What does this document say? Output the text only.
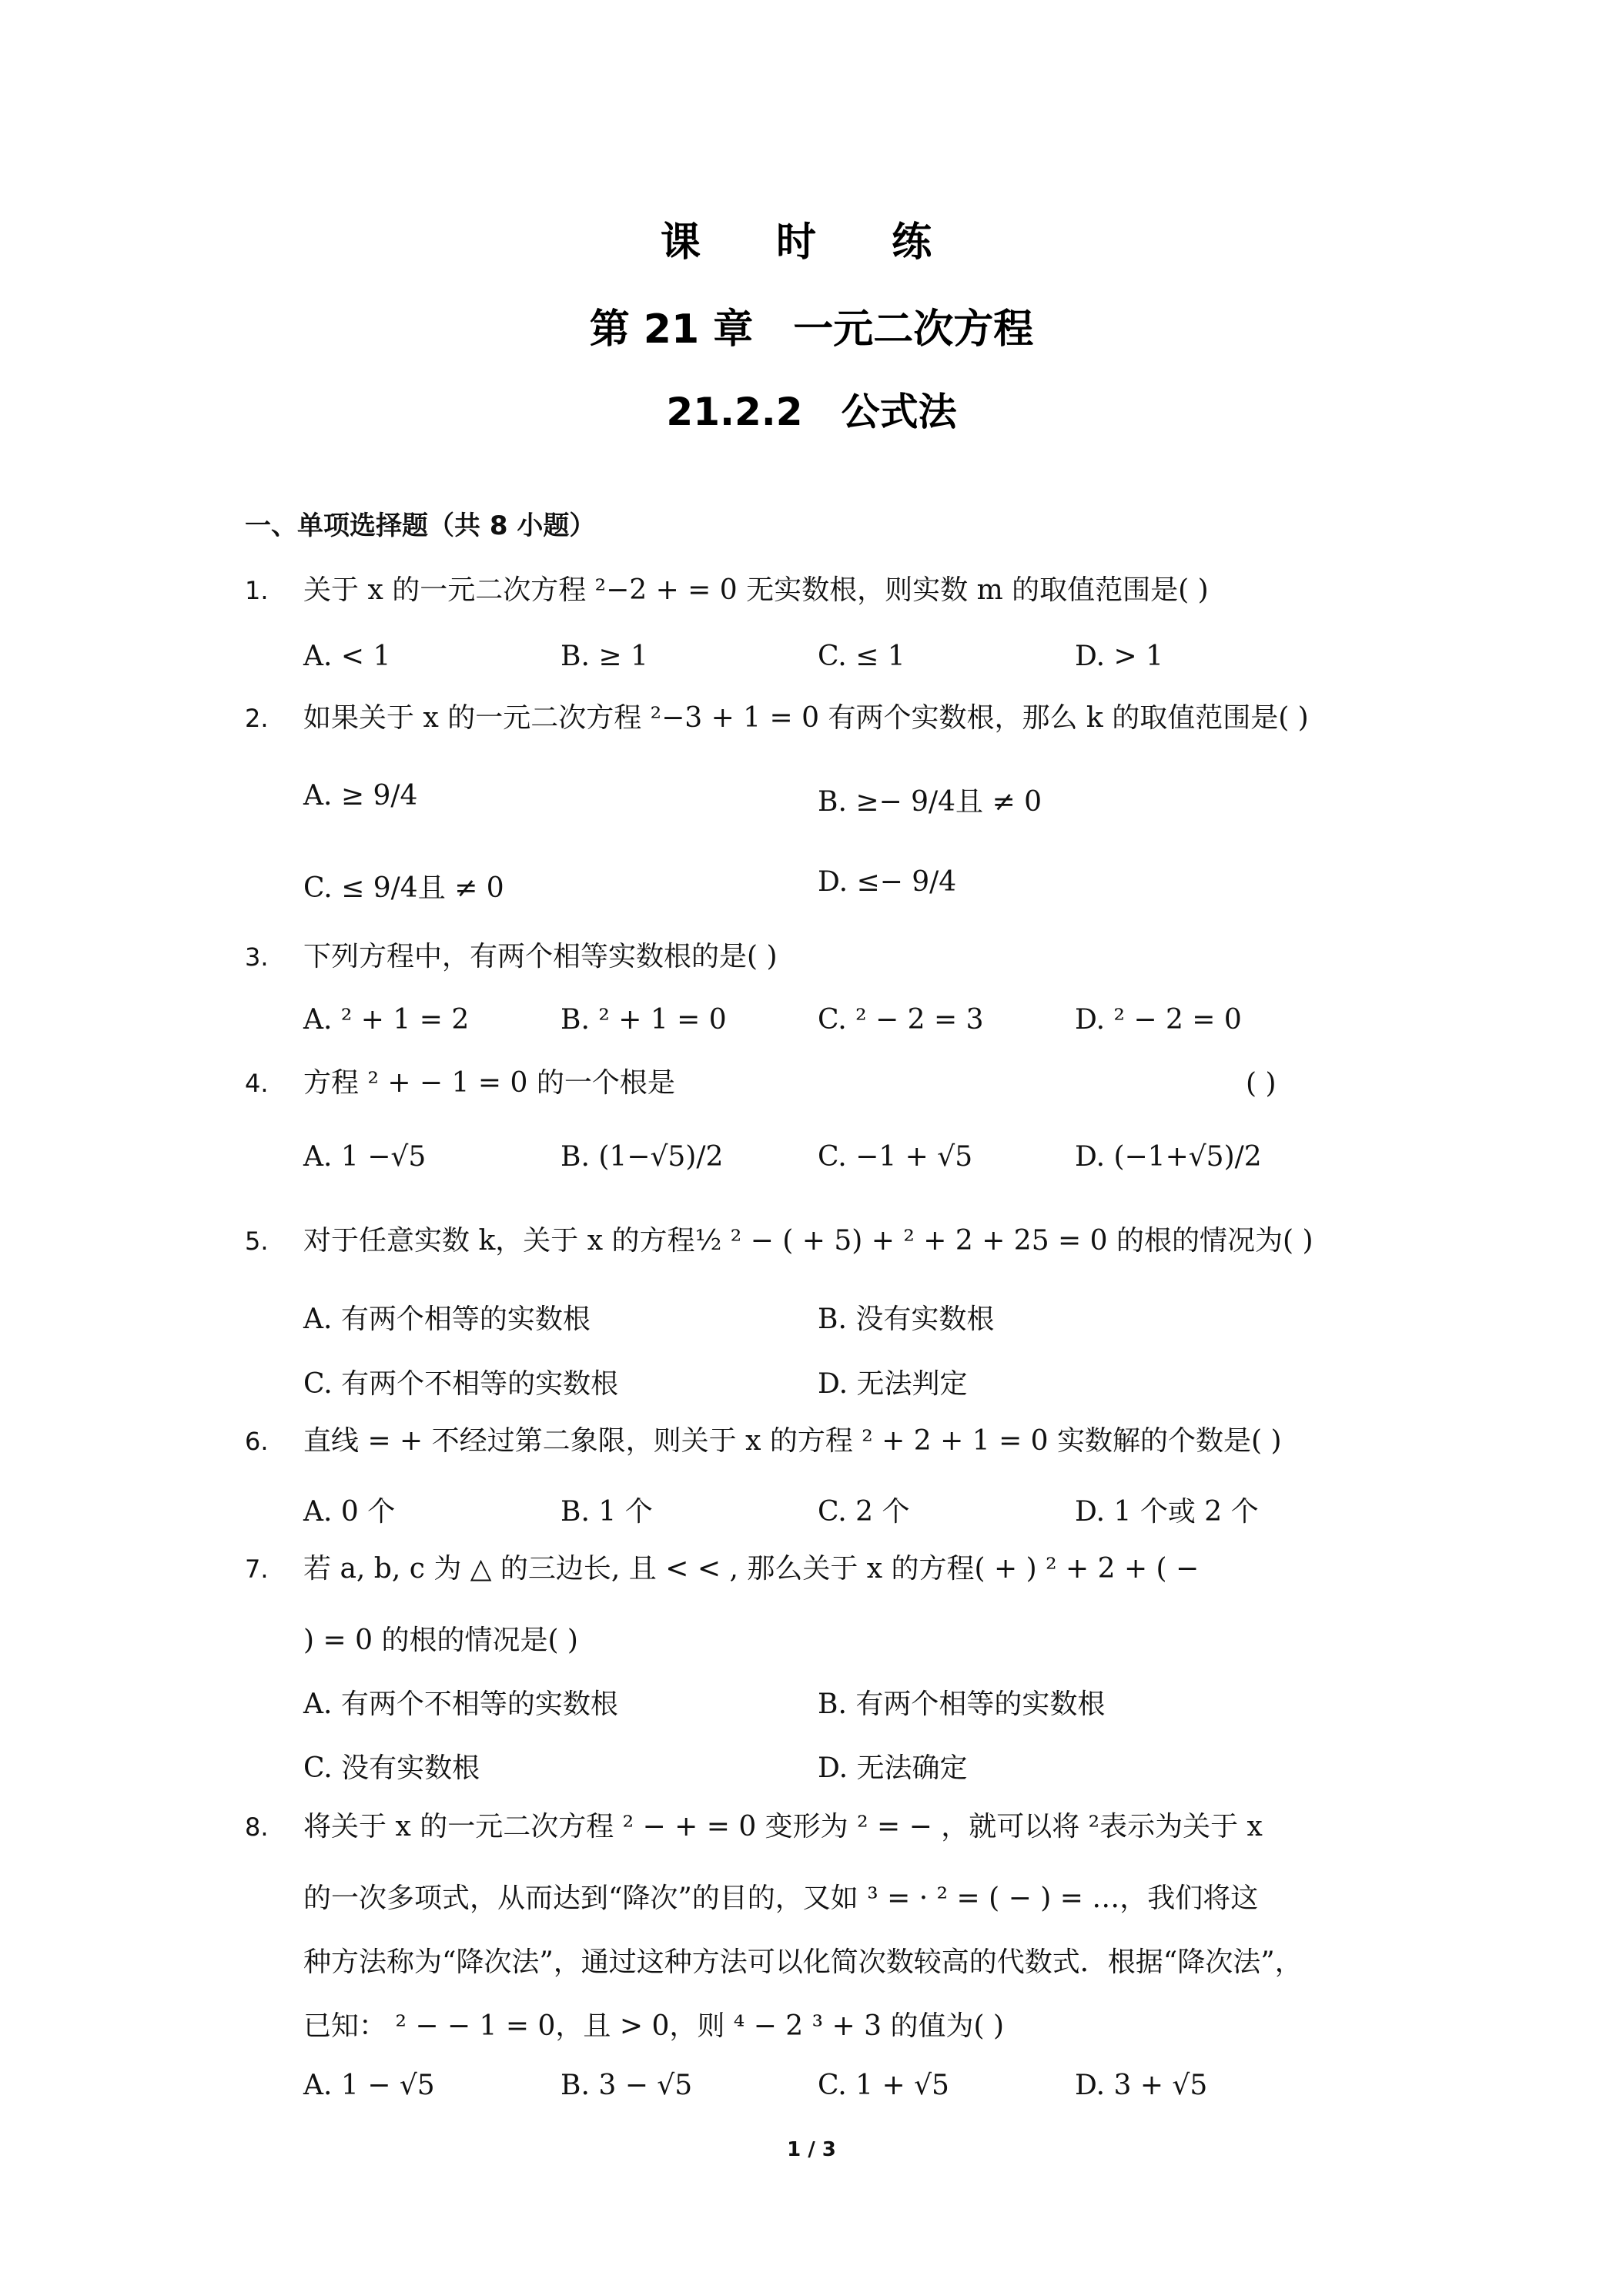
课 时 练
第 21 章　一元二次方程
21.2.2　公式法
一、单项选择题（共 8 小题）
1. 关于 x 的一元二次方程 ²−2 + = 0 无实数根，则实数 m 的取值范围是( )
A. < 1	B. ≥ 1	C. ≤ 1	D. > 1
2. 如果关于 x 的一元二次方程 ²−3 + 1 = 0 有两个实数根，那么 k 的取值范围是( )
A. ≥ 9/4	B. ≥− 9/4且 ≠ 0
C. ≤ 9/4且 ≠ 0	D. ≤− 9/4
3. 下列方程中，有两个相等实数根的是( )
A. ² + 1 = 2	B. ² + 1 = 0	C. ² − 2 = 3	D. ² − 2 = 0
4. 方程 ² + − 1 = 0 的一个根是	( )
A. 1 −√5	B. (1−√5)/2	C. −1 + √5	D. (−1+√5)/2
5. 对于任意实数 k，关于 x 的方程½ ² − ( + 5) + ² + 2 + 25 = 0 的根的情况为( )
A. 有两个相等的实数根	B. 没有实数根
C. 有两个不相等的实数根	D. 无法判定
6. 直线 = + 不经过第二象限，则关于 x 的方程 ² + 2 + 1 = 0 实数解的个数是( )
A. 0 个	B. 1 个	C. 2 个	D. 1 个或 2 个
7. 若 a, b, c 为 △ 的三边长, 且 < < , 那么关于 x 的方程( + ) ² + 2 + ( −
) = 0 的根的情况是( )
A. 有两个不相等的实数根	B. 有两个相等的实数根
C. 没有实数根	D. 无法确定
8. 将关于 x 的一元二次方程 ² − + = 0 变形为 ² = − ，就可以将 ²表示为关于 x
的一次多项式，从而达到“降次”的目的，又如 ³ = · ² = ( − ) = …，我们将这
种方法称为“降次法”，通过这种方法可以化简次数较高的代数式．根据“降次法”，
已知： ² − − 1 = 0，且 > 0，则 ⁴ − 2 ³ + 3 的值为( )
A. 1 − √5	B. 3 − √5	C. 1 + √5	D. 3 + √5
1 / 3
